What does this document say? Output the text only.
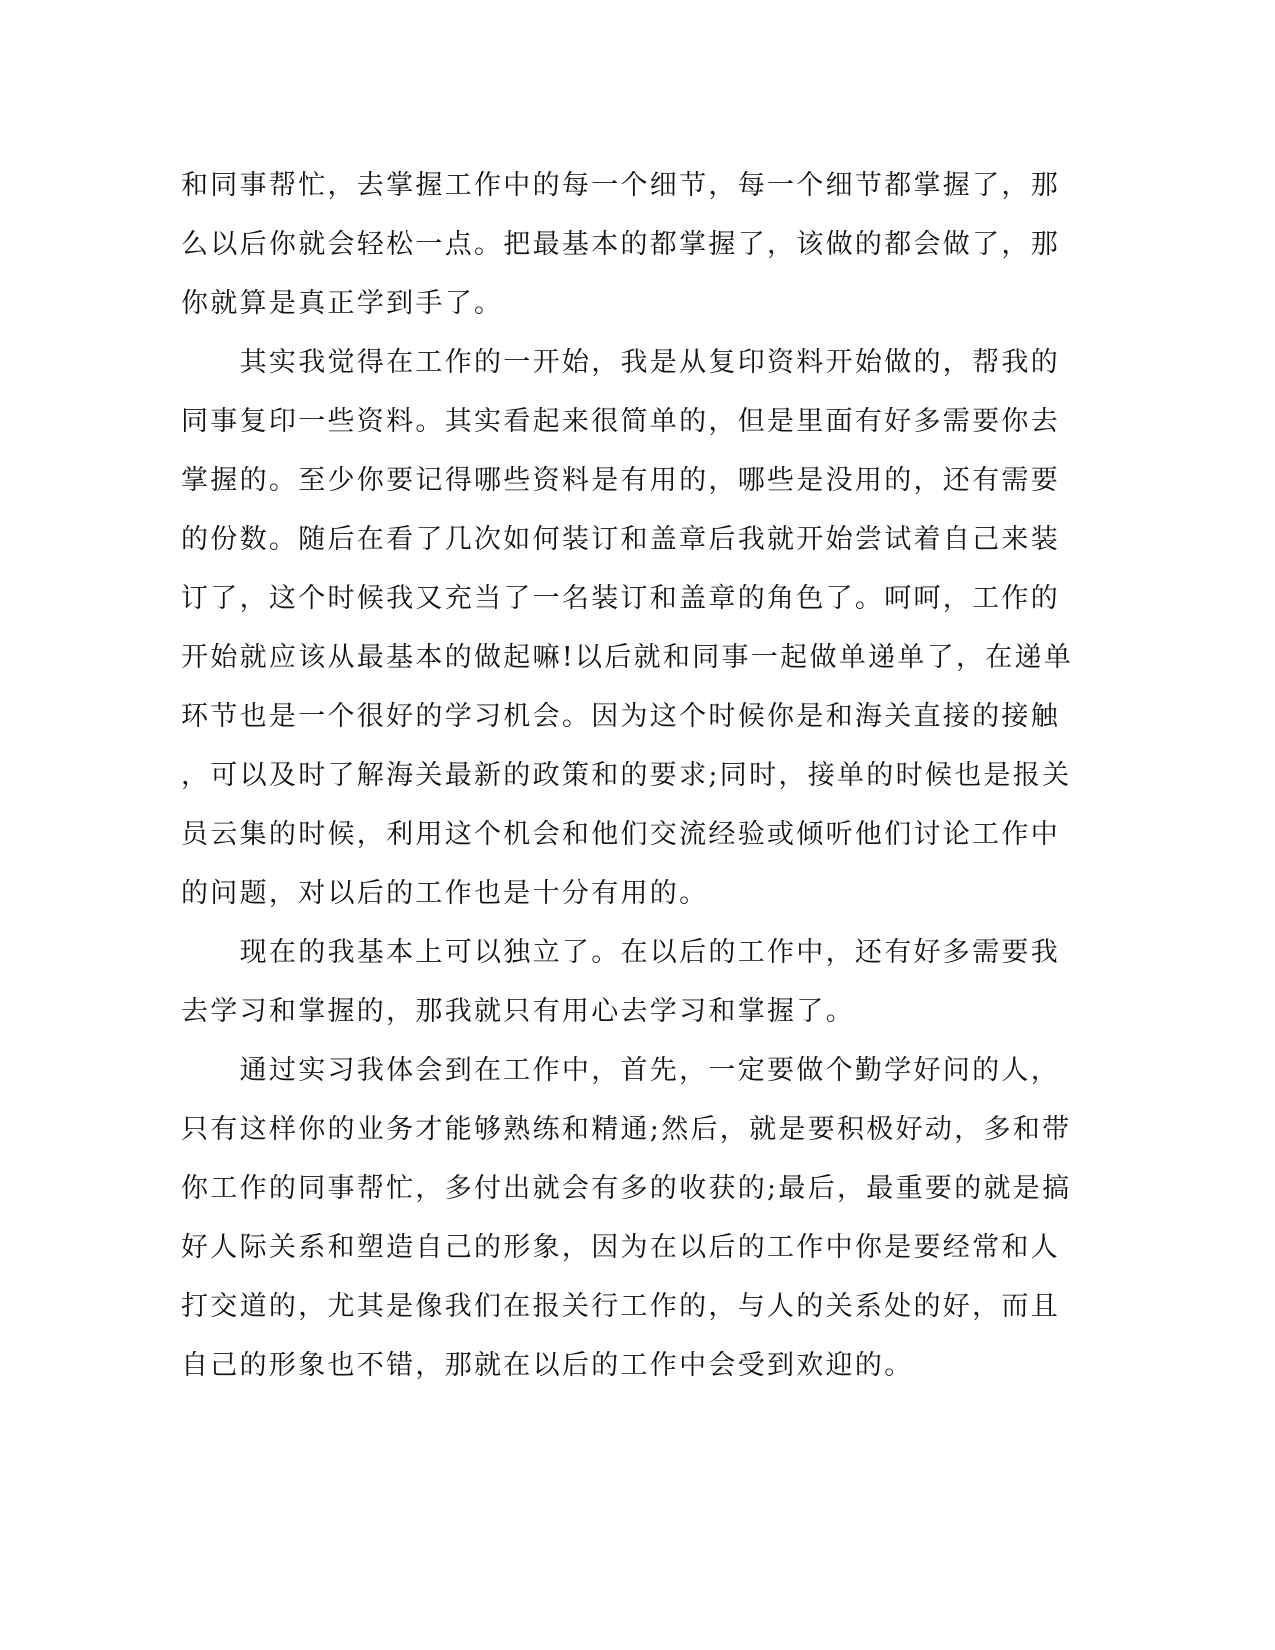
和同事帮忙，去掌握工作中的每一个细节，每一个细节都掌握了，那
么以后你就会轻松一点。把最基本的都掌握了，该做的都会做了，那
你就算是真正学到手了。
　　其实我觉得在工作的一开始，我是从复印资料开始做的，帮我的
同事复印一些资料。其实看起来很简单的，但是里面有好多需要你去
掌握的。至少你要记得哪些资料是有用的，哪些是没用的，还有需要
的份数。随后在看了几次如何装订和盖章后我就开始尝试着自己来装
订了，这个时候我又充当了一名装订和盖章的角色了。呵呵，工作的
开始就应该从最基本的做起嘛!以后就和同事一起做单递单了，在递单
环节也是一个很好的学习机会。因为这个时候你是和海关直接的接触
，可以及时了解海关最新的政策和的要求;同时，接单的时候也是报关
员云集的时候，利用这个机会和他们交流经验或倾听他们讨论工作中
的问题，对以后的工作也是十分有用的。
　　现在的我基本上可以独立了。在以后的工作中，还有好多需要我
去学习和掌握的，那我就只有用心去学习和掌握了。
　　通过实习我体会到在工作中，首先，一定要做个勤学好问的人，
只有这样你的业务才能够熟练和精通;然后，就是要积极好动，多和带
你工作的同事帮忙，多付出就会有多的收获的;最后，最重要的就是搞
好人际关系和塑造自己的形象，因为在以后的工作中你是要经常和人
打交道的，尤其是像我们在报关行工作的，与人的关系处的好，而且
自己的形象也不错，那就在以后的工作中会受到欢迎的。
